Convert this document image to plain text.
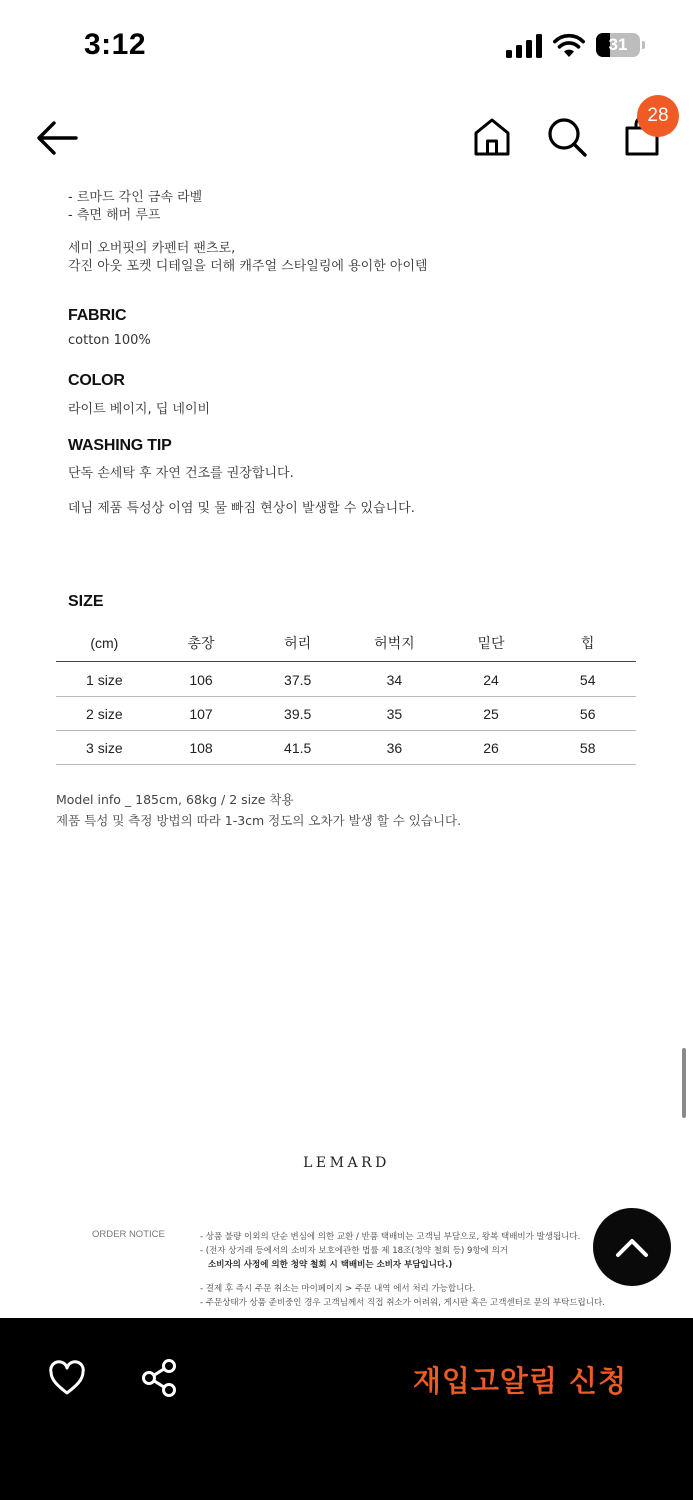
3:12	31
28
- 르마드 각인 금속 라벨
- 측면 해머 루프
세미 오버핏의 카펜터 팬츠로,
각진 아웃 포켓 디테일을 더해 캐주얼 스타일링에 용이한 아이템
FABRIC
cotton 100%
COLOR
라이트 베이지, 딥 네이비
WASHING TIP
단독 손세탁 후 자연 건조를 권장합니다.
데님 제품 특성상 이염 및 물 빠짐 현상이 발생할 수 있습니다.
SIZE
(cm)	총장	허리	허벅지	밑단	힙
1 size	106	37.5	34	24	54
2 size	107	39.5	35	25	56
3 size	108	41.5	36	26	58
Model info _ 185cm, 68kg / 2 size 착용
제품 특성 및 측정 방법의 따라 1-3cm 정도의 오차가 발생 할 수 있습니다.
LEMARD
ORDER NOTICE	- 상품 불량 이외의 단순 변심에 의한 교환 / 반품 택배비는 고객님 부담으로, 왕복 택배비가 발생됩니다.
- (전자 상거래 등에서의 소비자 보호에관한 법률 제 18조(청약 철회 등) 9항에 의거
소비자의 사정에 의한 청약 철회 시 택배비는 소비자 부담입니다.)
- 결제 후 즉시 주문 취소는 마이페이지 > 주문 내역 에서 처리 가능합니다.
- 주문상태가 상품 준비중인 경우 고객님께서 직접 취소가 어려워, 게시판 혹은 고객센터로 문의 부탁드립니다.
재입고알림 신청
